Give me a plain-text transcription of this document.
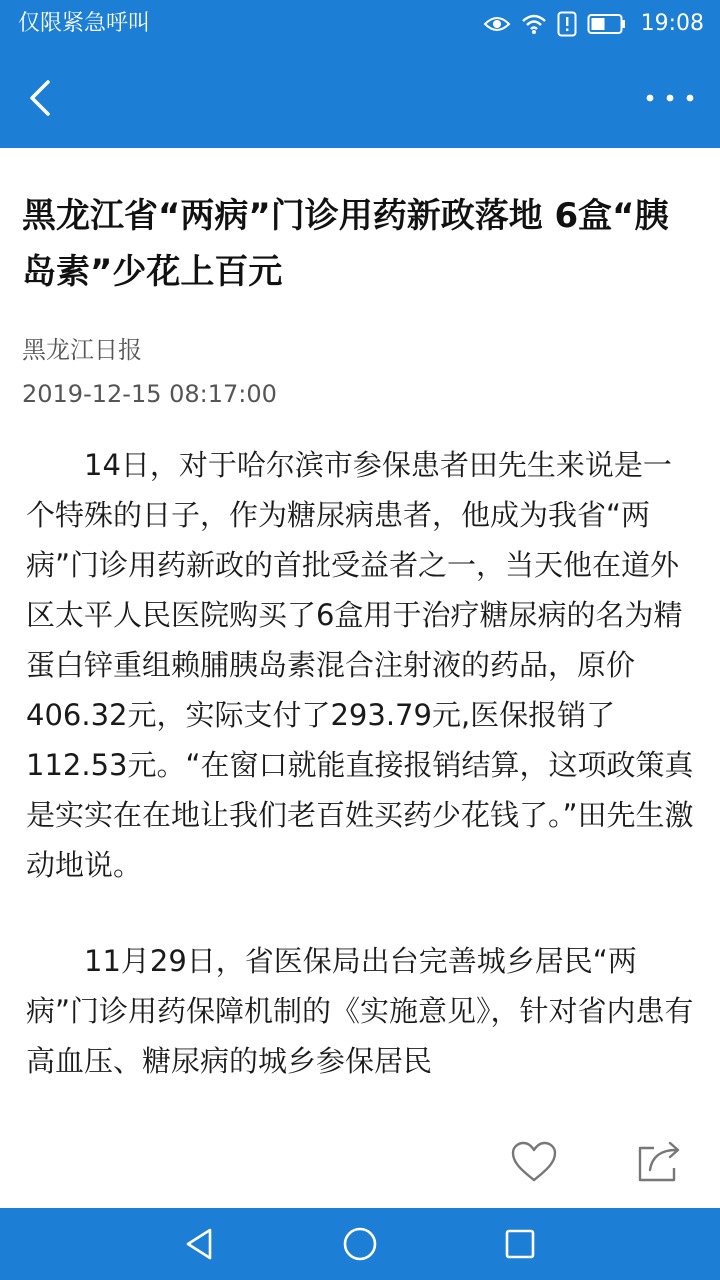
仅限紧急呼叫	19:08
黑龙江省“两病”门诊用药新政落地 6盒“胰岛素”少花上百元
黑龙江日报
2019-12-15 08:17:00

14日，对于哈尔滨市参保患者田先生来说是一个特殊的日子，作为糖尿病患者，他成为我省“两病”门诊用药新政的首批受益者之一，当天他在道外区太平人民医院购买了6盒用于治疗糖尿病的名为精蛋白锌重组赖脯胰岛素混合注射液的药品，原价406.32元，实际支付了293.79元,医保报销了112.53元。“在窗口就能直接报销结算，这项政策真是实实在在地让我们老百姓买药少花钱了。”田先生激动地说。

11月29日，省医保局出台完善城乡居民“两病”门诊用药保障机制的《实施意见》，针对省内患有高血压、糖尿病的城乡参保居民
